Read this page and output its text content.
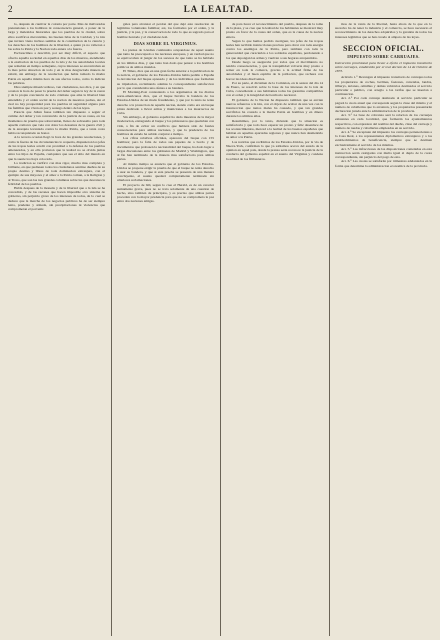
2	LA LEALTAD.

lo, después de cautivar la colonia por parte. Mas de malvaradas pretensiones a los hombres ni consecuencia general, a poner de la larga y malezidos historiales que los pueblos de la ciudad, sobre ellos sacrificos mercantiles, las buenas Islas de la Caridad, y la isla que tuviera vieno incluso semilas de la constitucion de la ciencia y los derechos de los hombres de la liberdad, a quien ya no valieron a las sobre la Patria y la Nacion toda entera a la fuerza.

Esclarecimos a describir, por ser muy difícil, el aspecto que ofrecia aquella sociedad en aquellos dias de los muertos, atendiendo a la exaltacion de los pueblos de la isla y de las autoridades locales que reinaban en tiempo semejante, cuyos intereses se encontraban en la mas pobre situacion de todo y en la mas desgraciada manera de existir, sin embargo de la resolucion que habia tomado la madre Patria en aquella misma hora de sus afectos todos, como lo indican las palabras.

Dios siempre misericordioso, ven ciudadanos, nos dice, y en que ocasion la hora de pasar la prueba del deber segun la ley de la razon y de la propia conciencia de todo cristiano que ama la libertad bien entendida y el orden social de la nacion de nuestros padres, sin el cual no hay prosperidad para los pueblos ni seguridad alguna para las familias que viven en paz y sosiego dentro de las leyes.

Parecia que Julian fuese tambien tan dispuesto a seguir el camino del deber y tan convencido de la justicia de su causa, en los momentos de prueba que sobrevenian, llenos de sobresalto para toda aquella comarca que veia con dolor los desastres de la guerra civil y de la anarquia levantada contra la madre Patria, que a tanta costa habia reconquistado su honor.

A la tercera ocasion llegó la hora de las grandes resoluciones, y como la fuerza de las circunstancias lo requeria, dispusieron los jefes de las tropas leales acudir con prontitud a la defensa de los pueblos amenazados, y en ella probaron que la lealtad no se olvida jamas entre los hijos de España, cualquiera que sea el sitio del mundo en que la suerte los haya colocado.

La tradicion se verificó con mas rigor, mucho mas completa y brillante, en que pudiesen todos los ciudadanos sentirse dueños de su propio destino y libres de toda dominacion extranjera, con el ejemplo de sus mayores y el amor a la Patria comun, a la Religion y al Trono, que son las tres grandes columnas sobre las que descansa la felicidad de los pueblos.

Habla despues de la moneda y de la libertad que a la isla se ha concedido, y de las razones que hacen imposible otro sistema de gobierno, sin perjuicio grave de los intereses de todos, de lo cual se deduce que la marcha de los negocios publicos ha de ser siempre lenta, prudente y atinada, sin precipitaciones ni violencias que comprometan el porvenir.

gales para alcanzar el perdon del que dejó este resolucion de legitimas voluntades familias; asi, los formados por el orden, y la justicia, y la paz, y la conservacion de todo lo que es sagrado para el hombre honrado y el ciudadano leal.

DIAS SOBRE EL VIRGINIUS.

La prensa de Lóndres continuaba ocupandose de aquel asunto que tanto ha preocupado a las naciones europeas, y en verdad que no se equivocaban al juzgar de los sucesos de que tanto se ha hablado en los últimos dias, y que tanto han dado que pensar a los hombres politicos de ambos mundos.

El Times, dice que en una gran fecha anterior a la publicacion de la noticia, el gobierno de los Estados-Unidos habia pedido a España la devolucion del buque apresado y de los individuos que formaban su tripulacion, reclamando ademas la correspondiente satisfaccion por lo que consideraba una ofensa a su bandera.

El Morning-Post contestando a los argumentos de los diarios norte-americanos dice, que el buque llevaba la bandera de los Estados-Unidos de un modo fraudulento, y que por lo tanto no tenia derecho a la proteccion de aquella nacion, siendo como era un buque pirata dedicado a llevar armas y municiones a los insurrectos de Cuba.

Sin embargo, el gobierno español ha dado muestras de la mayor moderacion, entregando el buque y los prisioneros que quedaban con vida, a fin de evitar un conflicto que hubiera sido de fatales consecuencias para ambas naciones, y que la prudencia de los hombres de estado ha sabido conjurar a tiempo.

Las cifras relativas oficiales, aparecen del buque con 155 hombres; pero la falta de todos sus papeles de a bordo y de documentos que probasen la nacionalidad del buque, ha dado lugar a largas discusiones entre los gabinetes de Madrid y Washington, que al fin han terminado de la manera mas satisfactoria para ambas partes.

Al mismo tiempo se anuncia que el gobierno de los Estados-Unidos se propone exigir la prueba de que el buque no tenia derecho a usar su bandera, y que si esta prueba se presenta de una manera concluyente, el asunto quedará completamente terminado sin ulteriores reclamaciones.

El proyecto de bill, segun lo cree el Herald, es de un caracter sumamente grave, pues no se trata solamente de una cuestion de hecho, sino tambien de principios, y es preciso que ambas partes procedan con la mayor prudencia para que no se comprometa la paz entre dos naciones amigas.

de para hacer el reconocimiento del pueblo, despues de la toma de la plaza, y se cree que la lealtad de los habitantes se mostrará muy pronto en favor de la causa del orden, que es la causa de la nacion entera.

Segun lo que hemos podido averiguar, los jefes de las tropas leales han recibido instrucciones precisas para obrar con toda energia contra los enemigos de la Patria, pero tambien con toda la generosidad que caracteriza a los soldados españoles, perdonando a los que depongan las armas y vuelvan a sus hogares arrepentidos.

Desde luego se aseguraba por todos que el movimiento no tendria consecuencias, y que la tranquilidad volveria muy pronto a reinar en toda la comarca, gracias a la actitud firme de las autoridades y al buen espiritu de la poblacion, que rechaza con horror las ideas disolventes.

Por su parte, el dictamen de la Comision, en la sesion del dia 14 de Enero, se resolvió sobre la base de los intereses de la isla de Cuba, concediendo a sus habitantes todas las garantias compatibles con el orden y la integridad del territorio nacional.

El gobierno de la Nacion ha dispuesto tambien que se envien nuevos refuerzos a la isla, con el objeto de acabar de una vez con la insurreccion que tantos males ha causado, y que tan grandes sacrificios ha costado a la madre Patria en hombres y en dinero durante los ultimos años.

Resumimos, por lo tanto, diciendo que la situacion es satisfactoria y que todo hace esperar un pronto y feliz desenlace de los acontecimientos, merced a la lealtad de los buenos españoles que habitan en aquellas apartadas regiones y que nunca han desmentido su amor a la Patria.

Las noticias que recibimos de los Estados-Unidos, por la via de Nueva-York, confirman lo que ya sabiamos acerca del estado de la opinion en aquel pais, donde la prensa seria reconoce la justicia de la conducta del gobierno español en el asunto del Virginius y condena la actitud de los filibusteros.

mos de la venta de la libertad, hasta ahora de la que en lo sucesivo ha de tener la industria y el comercio, se hace necesario el reconocimiento de los derechos adquiridos y la garantia de todos los intereses legitimos que se han creado al amparo de las leyes.

SECCION OFICIAL.
IMPUESTO SOBRE CARRUAJES.

Instruccion provisional para llevar a efecto el impuesto transitorio sobre carruajes, establecido por el real decreto de 14 de Octubre de 1873.

Articulo 1.° Devengan el impuesto transitorio de carruajes todos los propietarios de coches, berlinas, faetones, carretelas, landós, tilburys, tartanas, omnibus y demas vehiculos destinados al servicio particular o publico, con arreglo a las tarifas que se insertan a continuacion.

Art. 2.° Por cada carruaje destinado al servicio particular se pagará la cuota anual que corresponda segun la clase del mismo y el numero de caballerias que lo arrastren, y los propietarios presentarán declaracion jurada ante la administracion de la provincia.

Art. 3.° La base de cobranza será la relacion de los carruajes existentes en cada localidad, que formarán los ayuntamientos respectivos, con expresion del nombre del dueño, clase del carruaje y numero de ruedas y caballerias empleadas en su servicio.

Art. 4.° Se exceptuan del impuesto los carruajes pertenecientes a la Casa Real, a los representantes diplomaticos extranjeros y a los establecimientos de beneficencia, siempre que se destinen exclusivamente al servicio de los mismos.

Art. 5.° Las infracciones de las disposiciones contenidas en esta instruccion serán castigadas con multa igual al duplo de la cuota correspondiente, sin perjuicio del pago de esta.

Art. 6.° Las cuotas se satisfarán por trimestres adelantados en la forma que determine la administracion economica de la provincia.
